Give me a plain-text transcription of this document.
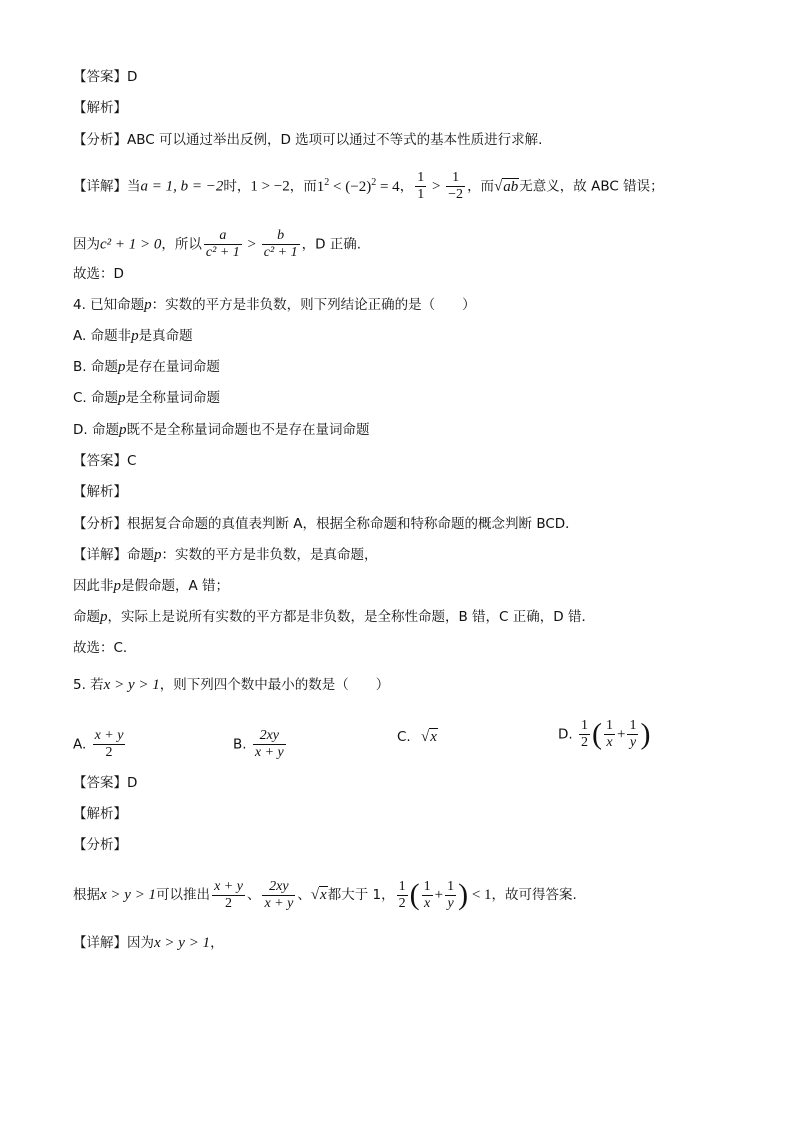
【答案】D
【解析】
【分析】ABC 可以通过举出反例，D 选项可以通过不等式的基本性质进行求解.
【详解】当a = 1, b = −2时，1 > −2，而$1^2 < (-2)^2 = 4$， $\frac{1}{1} > \frac{1}{-2}$ ，而√ab无意义，故 ABC 错误；
因为c² + 1 > 0，所以 $\frac{a}{\text{c² + 1}} > \frac{b}{\text{c² + 1}}$ ，D 正确.
故选：D
4. 已知命题p：实数的平方是非负数，则下列结论正确的是（　　）
A. 命题非p是真命题
B. 命题p是存在量词命题
C. 命题p是全称量词命题
D. 命题p既不是全称量词命题也不是存在量词命题
【答案】C
【解析】
【分析】根据复合命题的真值表判断 A，根据全称命题和特称命题的概念判断 BCD．
【详解】命题p：实数的平方是非负数，是真命题，
因此非p是假命题，A 错；
命题p，实际上是说所有实数的平方都是非负数，是全称性命题，B 错，C 正确，D 错．
故选：C．
5. 若x > y > 1，则下列四个数中最小的数是（　　）
A. $\frac{x + y}{2}$	B. $\frac{2xy}{x + y}$	C. √x	D. $\frac{1}{2}$ ( $\frac{1}{x} + \frac{1}{y}$ )
【答案】D
【解析】
【分析】
根据x > y > 1可以推出 $\frac{x + y}{2}$ 、 $\frac{2xy}{x + y}$ 、√x都大于 1， $\frac{1}{2}$ ( $\frac{1}{x} + \frac{1}{y}$ ) < 1，故可得答案.
【详解】因为x > y > 1，
